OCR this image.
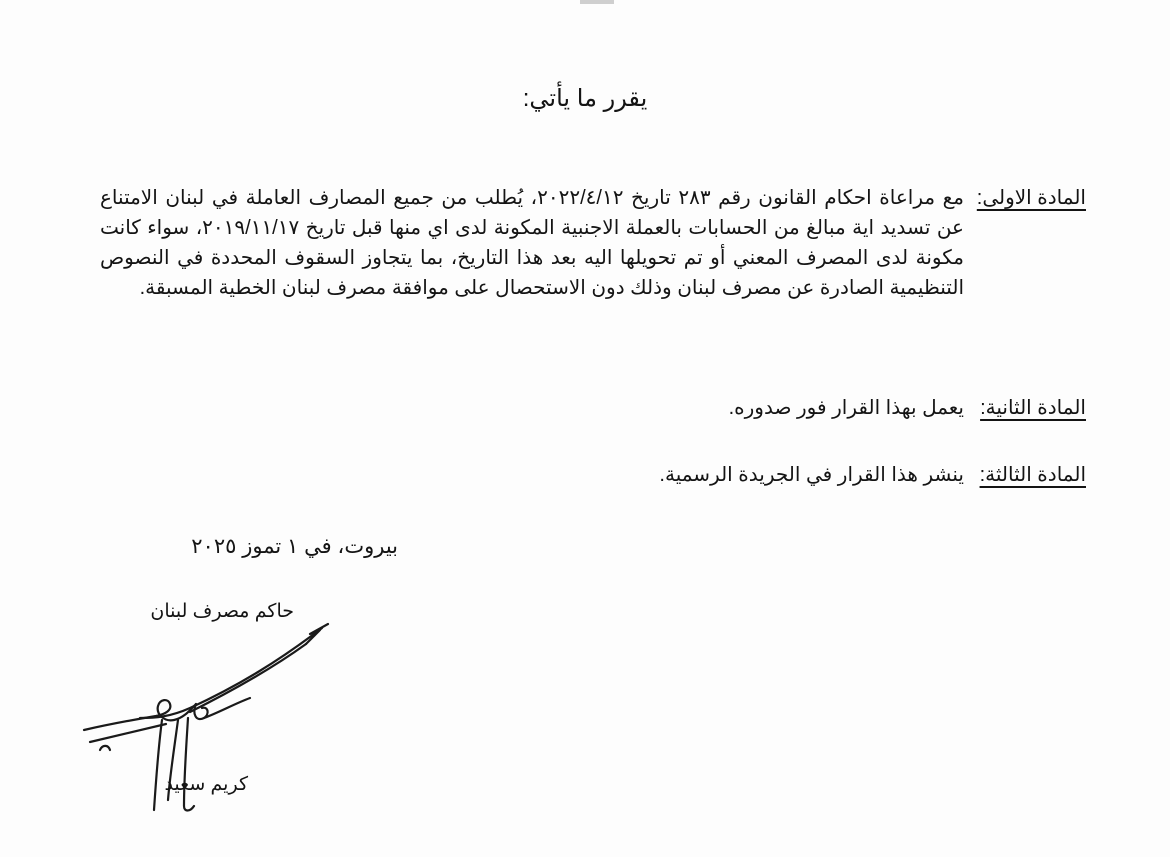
يقرر ما يأتي:
المادة الاولى:
مع مراعاة احكام القانون رقم ٢٨٣ تاريخ ٢٠٢٢/٤/١٢، يُطلب من جميع المصارف العاملة في لبنان الامتناع عن تسديد اية مبالغ من الحسابات بالعملة الاجنبية المكونة لدى اي منها قبل تاريخ ٢٠١٩/١١/١٧، سواء كانت مكونة لدى المصرف المعني أو تم تحويلها اليه بعد هذا التاريخ، بما يتجاوز السقوف المحددة في النصوص التنظيمية الصادرة عن مصرف لبنان وذلك دون الاستحصال على موافقة مصرف لبنان الخطية المسبقة.
المادة الثانية:
يعمل بهذا القرار فور صدوره.
المادة الثالثة:
ينشر هذا القرار في الجريدة الرسمية.
بيروت، في ١ تموز ٢٠٢٥
حاكم مصرف لبنان
كريم سعيد
